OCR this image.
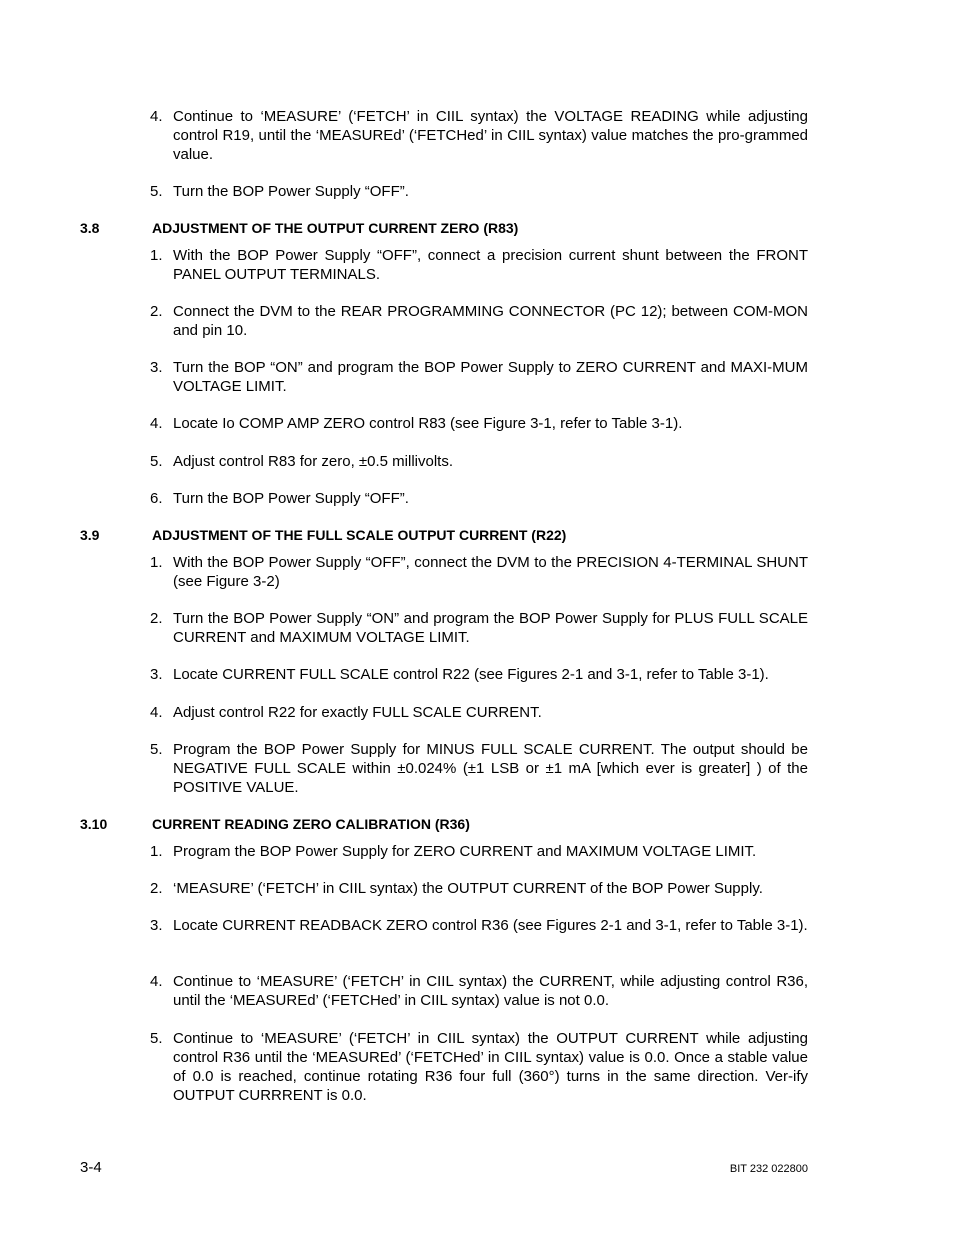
4. Continue to ‘MEASURE’ (‘FETCH’ in CIIL syntax) the VOLTAGE READING while adjusting control R19, until the ‘MEASUREd’ (‘FETCHed’ in CIIL syntax) value matches the pro-grammed value.
5. Turn the BOP Power Supply “OFF”.
3.8	ADJUSTMENT OF THE OUTPUT CURRENT ZERO (R83)
1. With the BOP Power Supply “OFF”, connect a precision current shunt between the FRONT PANEL OUTPUT TERMINALS.
2. Connect the DVM to the REAR PROGRAMMING CONNECTOR (PC 12); between COM-MON and pin 10.
3. Turn the BOP “ON” and program the BOP Power Supply to ZERO CURRENT and MAXI-MUM VOLTAGE LIMIT.
4. Locate Io COMP AMP ZERO control R83 (see Figure 3-1, refer to Table 3-1).
5. Adjust control R83 for zero, ±0.5 millivolts.
6. Turn the BOP Power Supply “OFF”.
3.9	ADJUSTMENT OF THE FULL SCALE OUTPUT CURRENT (R22)
1. With the BOP Power Supply “OFF”, connect the DVM to the PRECISION 4-TERMINAL SHUNT (see Figure 3-2)
2. Turn the BOP Power Supply “ON” and program the BOP Power Supply for PLUS FULL SCALE CURRENT and MAXIMUM VOLTAGE LIMIT.
3. Locate CURRENT FULL SCALE control R22 (see Figures 2-1 and 3-1, refer to Table 3-1).
4. Adjust control R22 for exactly FULL SCALE CURRENT.
5. Program the BOP Power Supply for MINUS FULL SCALE CURRENT. The output should be NEGATIVE FULL SCALE within ±0.024% (±1 LSB or ±1 mA [which ever is greater] ) of the POSITIVE VALUE.
3.10	CURRENT READING ZERO CALIBRATION (R36)
1. Program the BOP Power Supply for ZERO CURRENT and MAXIMUM VOLTAGE LIMIT.
2. ‘MEASURE’ (‘FETCH’ in CIIL syntax) the OUTPUT CURRENT of the BOP Power Supply.
3. Locate CURRENT READBACK ZERO control R36 (see Figures 2-1 and 3-1, refer to Table 3-1).
4. Continue to ‘MEASURE’ (‘FETCH’ in CIIL syntax) the CURRENT, while adjusting control R36, until the ‘MEASUREd’ (‘FETCHed’ in CIIL syntax) value is not 0.0.
5. Continue to ‘MEASURE’ (‘FETCH’ in CIIL syntax) the OUTPUT CURRENT while adjusting control R36 until the ‘MEASUREd’ (‘FETCHed’ in CIIL syntax) value is 0.0. Once a stable value of 0.0 is reached, continue rotating R36 four full (360°) turns in the same direction. Ver-ify OUTPUT CURRRENT is 0.0.
3-4	BIT 232 022800
